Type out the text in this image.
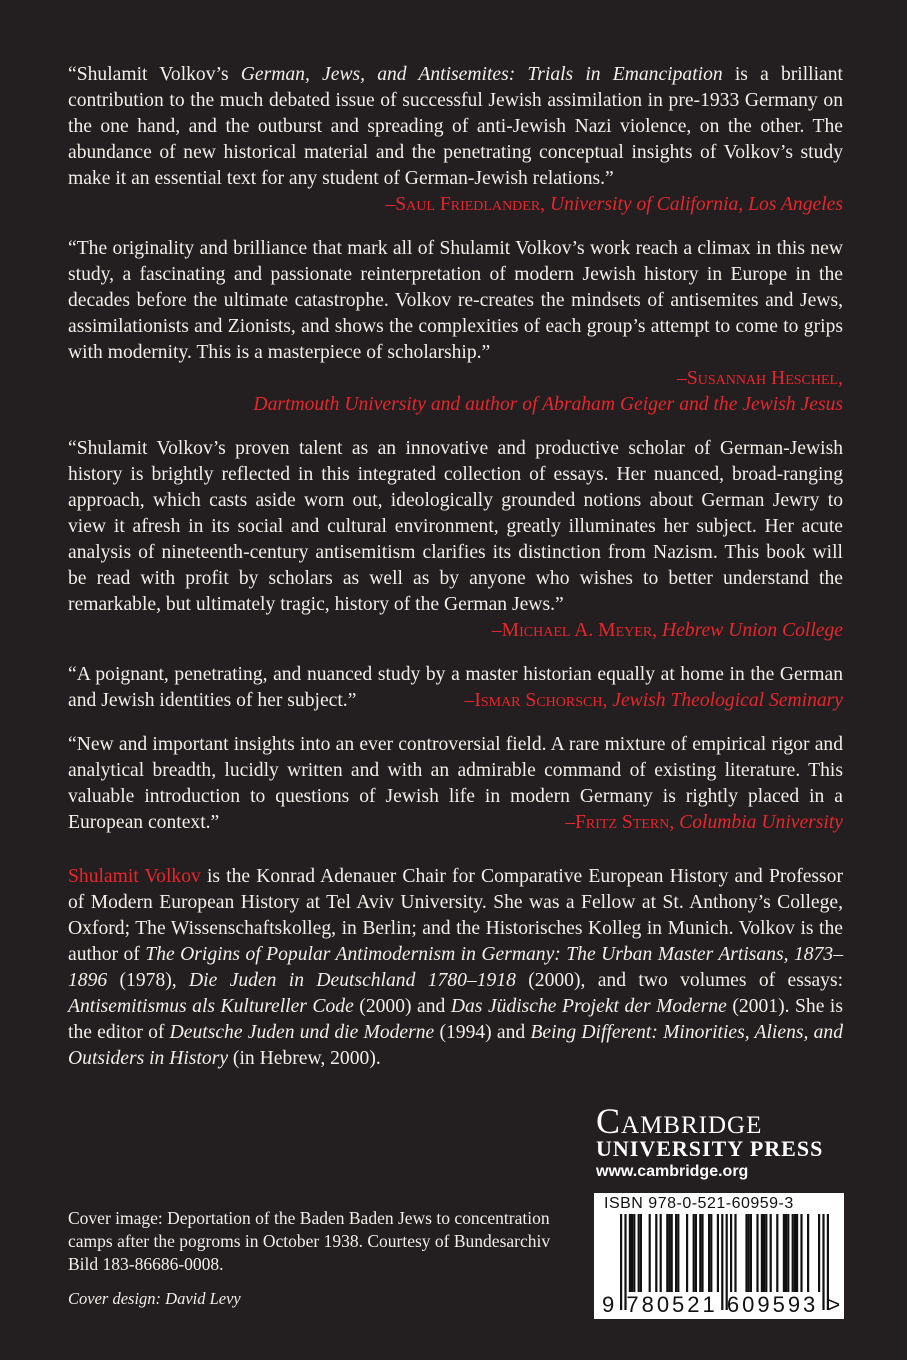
“Shulamit Volkov’s German, Jews, and Antisemites: Trials in Emancipation is a brilliant contribution to the much debated issue of successful Jewish assimilation in pre-1933 Germany on the one hand, and the outburst and spreading of anti-Jewish Nazi violence, on the other. The abundance of new historical material and the penetrating conceptual insights of Volkov’s study make it an essential text for any student of German-Jewish relations.”

–Saul Friedlander, University of California, Los Angeles

“The originality and brilliance that mark all of Shulamit Volkov’s work reach a climax in this new study, a fascinating and passionate reinterpretation of modern Jewish history in Europe in the decades before the ultimate catastrophe. Volkov re-creates the mindsets of antisemites and Jews, assimilationists and Zionists, and shows the complexities of each group’s attempt to come to grips with modernity. This is a masterpiece of scholarship.”

–Susannah Heschel,
Dartmouth University and author of Abraham Geiger and the Jewish Jesus

“Shulamit Volkov’s proven talent as an innovative and productive scholar of German-Jewish history is brightly reflected in this integrated collection of essays. Her nuanced, broad-ranging approach, which casts aside worn out, ideologically grounded notions about German Jewry to view it afresh in its social and cultural environment, greatly illuminates her subject. Her acute analysis of nineteenth-century antisemitism clarifies its distinction from Nazism. This book will be read with profit by scholars as well as by anyone who wishes to better understand the remarkable, but ultimately tragic, history of the German Jews.”

–Michael A. Meyer, Hebrew Union College

“A poignant, penetrating, and nuanced study by a master historian equally at home in the German and Jewish identities of her subject.”	–Ismar Schorsch, Jewish Theological Seminary

“New and important insights into an ever controversial field. A rare mixture of empirical rigor and analytical breadth, lucidly written and with an admirable command of existing literature. This valuable introduction to questions of Jewish life in modern Germany is rightly placed in a European context.”	–Fritz Stern, Columbia University

Shulamit Volkov is the Konrad Adenauer Chair for Comparative European History and Professor of Modern European History at Tel Aviv University. She was a Fellow at St. Anthony’s College, Oxford; The Wissenschaftskolleg, in Berlin; and the Historisches Kolleg in Munich. Volkov is the author of The Origins of Popular Antimodernism in Germany: The Urban Master Artisans, 1873–1896 (1978), Die Juden in Deutschland 1780–1918 (2000), and two volumes of essays: Antisemitismus als Kultureller Code (2000) and Das Jüdische Projekt der Moderne (2001). She is the editor of Deutsche Juden und die Moderne (1994) and Being Different: Minorities, Aliens, and Outsiders in History (in Hebrew, 2000).
Cambridge
UNIVERSITY PRESS
www.cambridge.org
ISBN 978-0-521-60959-3
9 780521 609593 >
Cover image: Deportation of the Baden Baden Jews to concentration camps after the pogroms in October 1938. Courtesy of Bundesarchiv Bild 183-86686-0008.
Cover design: David Levy
